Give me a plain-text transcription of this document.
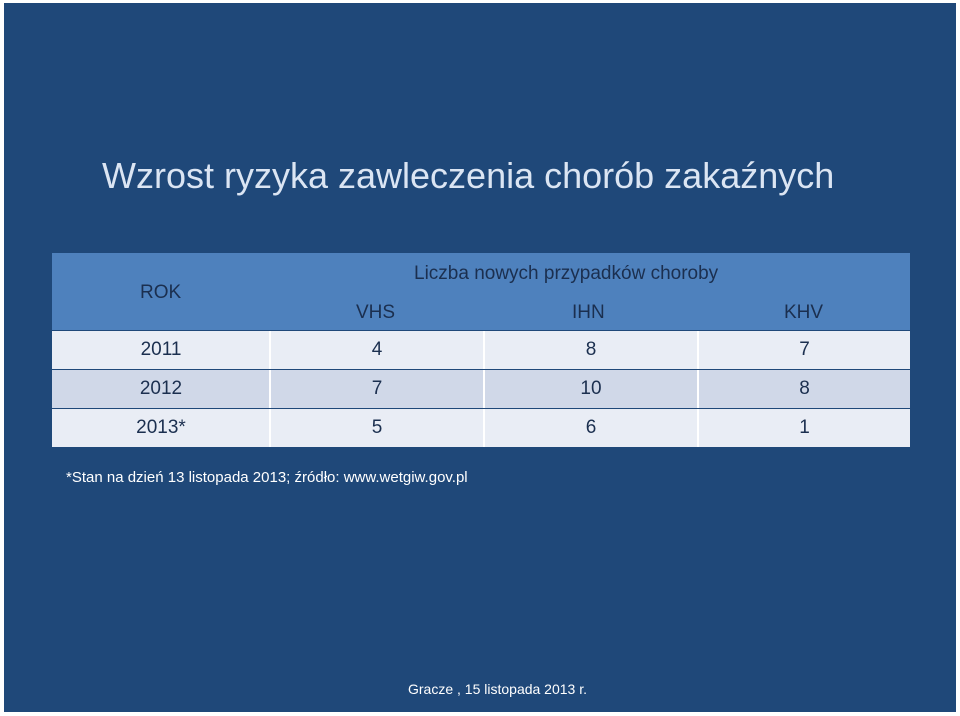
Wzrost ryzyka zawleczenia chorób zakaźnych
ROK
Liczba nowych przypadków choroby
VHS	IHN	KHV
2011	4	8	7
2012	7	10	8
2013*	5	6	1
*Stan na dzień 13 listopada 2013; źródło: www.wetgiw.gov.pl
Gracze , 15 listopada 2013 r.
